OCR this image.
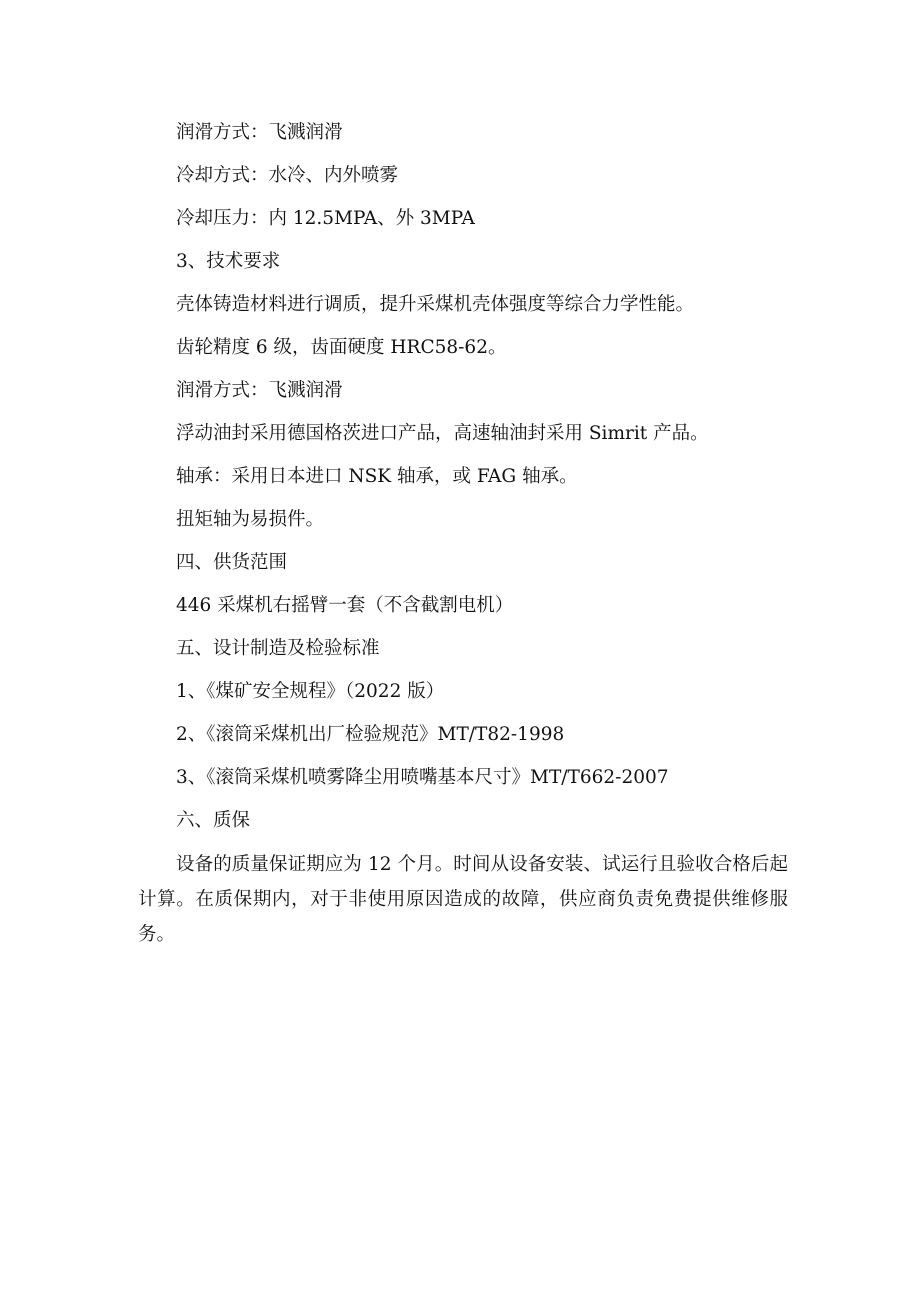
润滑方式：飞溅润滑
冷却方式：水冷、内外喷雾
冷却压力：内 12.5MPA、外 3MPA
3、技术要求
壳体铸造材料进行调质，提升采煤机壳体强度等综合力学性能。
齿轮精度 6 级，齿面硬度 HRC58-62。
润滑方式：飞溅润滑
浮动油封采用德国格茨进口产品，高速轴油封采用 Simrit 产品。
轴承：采用日本进口 NSK 轴承，或 FAG 轴承。
扭矩轴为易损件。
四、供货范围
446 采煤机右摇臂一套（不含截割电机）
五、设计制造及检验标准
1、《煤矿安全规程》（2022 版）
2、《滚筒采煤机出厂检验规范》MT/T82-1998
3、《滚筒采煤机喷雾降尘用喷嘴基本尺寸》MT/T662-2007
六、质保

设备的质量保证期应为 12 个月。时间从设备安装、试运行且验收合格后起计算。在质保期内，对于非使用原因造成的故障，供应商负责免费提供维修服务。
